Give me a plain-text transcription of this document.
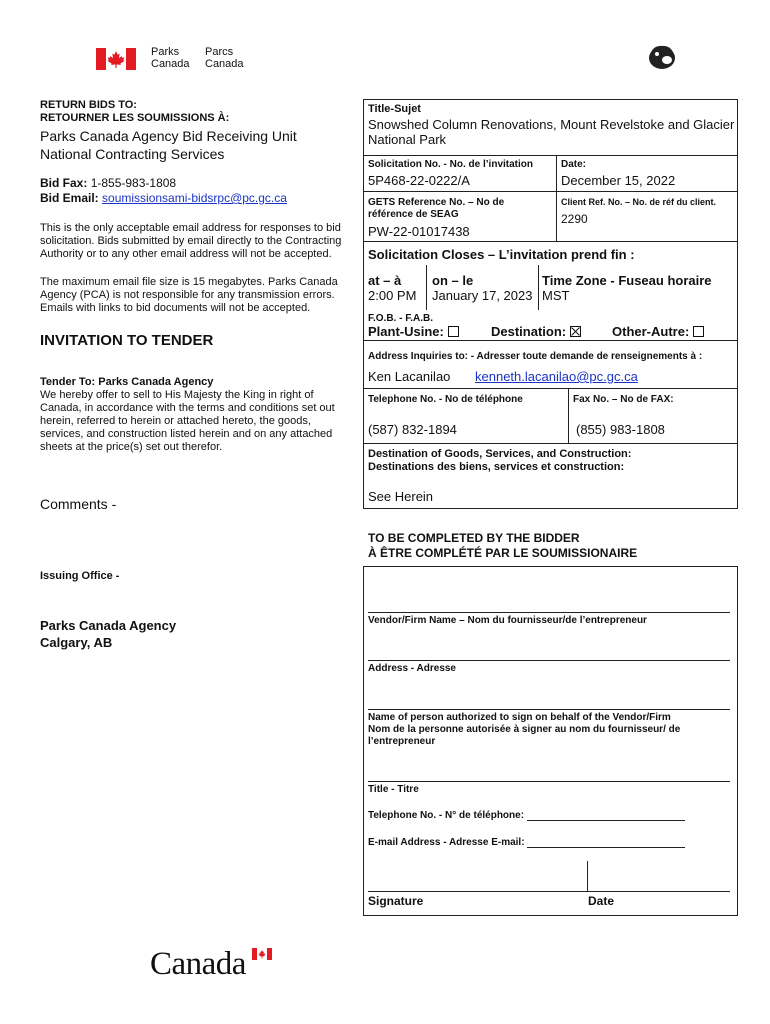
Parks
Canada
Parcs
Canada
RETURN BIDS TO:
RETOURNER LES SOUMISSIONS À:
Parks Canada Agency Bid Receiving Unit
National Contracting Services
Bid Fax: 1-855-983-1808
Bid Email: soumissionsami-bidsrpc@pc.gc.ca
This is the only acceptable email address for responses to bid
solicitation. Bids submitted by email directly to the Contracting
Authority or to any other email address will not be accepted.
The maximum email file size is 15 megabytes. Parks Canada
Agency (PCA) is not responsible for any transmission errors.
Emails with links to bid documents will not be accepted.
INVITATION TO TENDER
Tender To: Parks Canada Agency
We hereby offer to sell to His Majesty the King in right of
Canada, in accordance with the terms and conditions set out
herein, referred to herein or attached hereto, the goods,
services, and construction listed herein and on any attached
sheets at the price(s) set out therefor.
Comments -
Issuing Office -
Parks Canada Agency
Calgary, AB
Title-Sujet
Snowshed Column Renovations, Mount Revelstoke and Glacier
National Park
Solicitation No. - No. de l’invitation
5P468-22-0222/A
Date:
December 15, 2022
GETS Reference No. – No de
référence de SEAG
PW-22-01017438
Client Ref. No. – No. de réf du client.
2290
Solicitation Closes – L’invitation prend fin :
at – à
2:00 PM
on – le
January 17, 2023
Time Zone - Fuseau horaire
MST
F.O.B. - F.A.B.
Plant-Usine:	Destination:	Other-Autre:
Address Inquiries to: - Adresser toute demande de renseignements à :
Ken Lacanilao kenneth.lacanilao@pc.gc.ca
Telephone No. - No de téléphone
(587) 832-1894
Fax No. – No de FAX:
(855) 983-1808
Destination of Goods, Services, and Construction:
Destinations des biens, services et construction:
See Herein
TO BE COMPLETED BY THE BIDDER
À ÊTRE COMPLÉTÉ PAR LE SOUMISSIONAIRE
Vendor/Firm Name – Nom du fournisseur/de l’entrepreneur
Address - Adresse
Name of person authorized to sign on behalf of the Vendor/Firm
Nom de la personne autorisée à signer au nom du fournisseur/ de
l’entrepreneur
Title - Titre
Telephone No. - N° de téléphone:
E-mail Address - Adresse E-mail:
Signature	Date
Canada
